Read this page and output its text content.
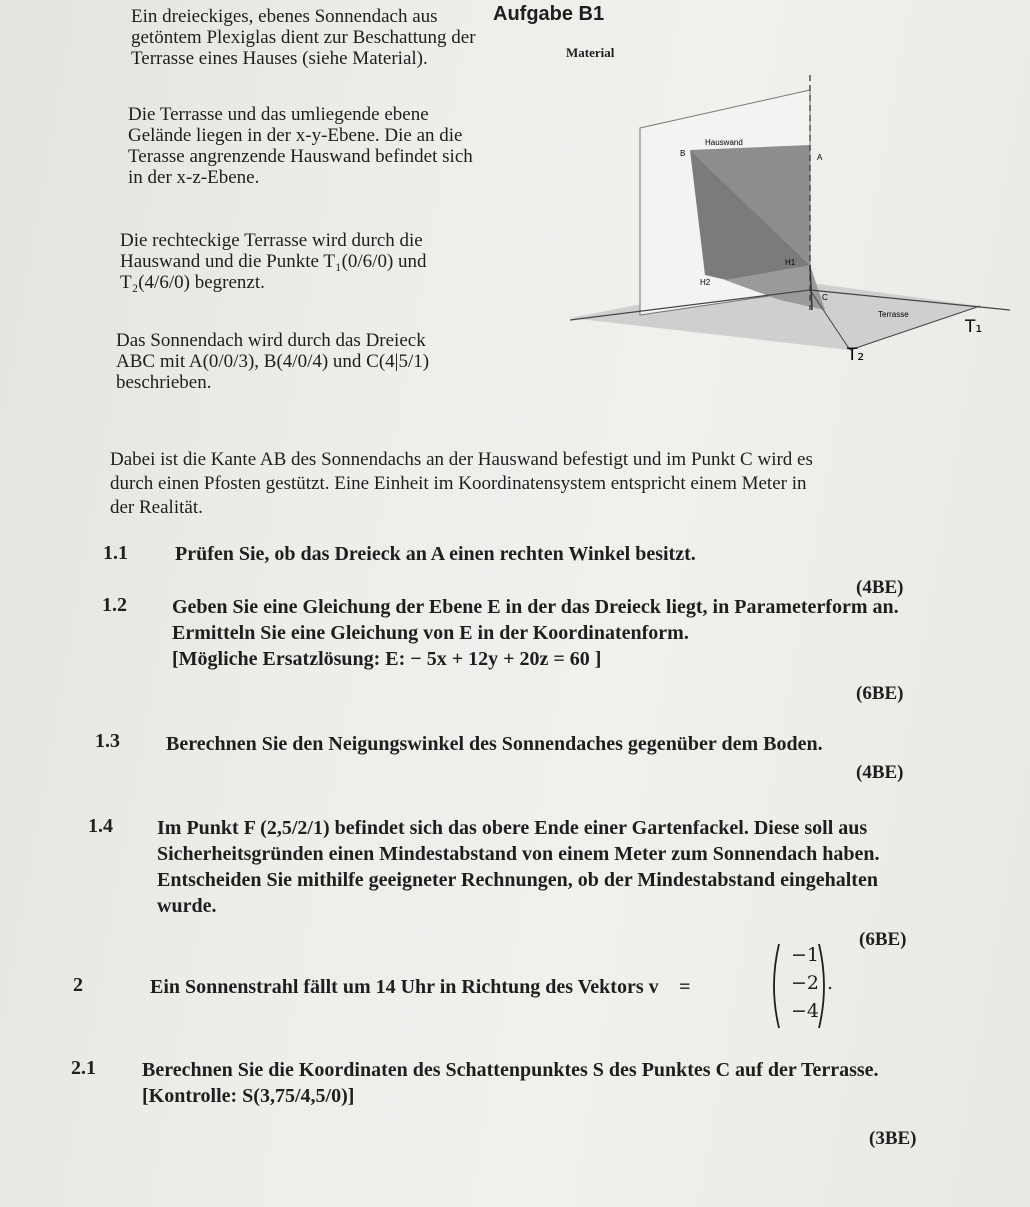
Aufgabe B1
Ein dreieckiges, ebenes Sonnendach aus
getöntem Plexiglas dient zur Beschattung der
Terrasse eines Hauses (siehe Material).
Die Terrasse und das umliegende ebene
Gelände liegen in der x-y-Ebene. Die an die
Terasse angrenzende Hauswand befindet sich
in der x-z-Ebene.
Die rechteckige Terrasse wird durch die
Hauswand und die Punkte T₁(0/6/0) und
T₂(4/6/0) begrenzt.
Das Sonnendach wird durch das Dreieck
ABC mit A(0/0/3), B(4/0/4) und C(4|5/1)
beschrieben.
Dabei ist die Kante AB des Sonnendachs an der Hauswand befestigt und im Punkt C wird es
durch einen Pfosten gestützt. Eine Einheit im Koordinatensystem entspricht einem Meter in
der Realität.
Material
Hauswand
B	A
H1
H2
C
Terrasse
T₁
T₂
1.1 Prüfen Sie, ob das Dreieck an A einen rechten Winkel besitzt.
(4BE)
1.2 Geben Sie eine Gleichung der Ebene E in der das Dreieck liegt, in Parameterform an.
Ermitteln Sie eine Gleichung von E in der Koordinatenform.
[Mögliche Ersatzlösung: E: − 5x + 12y + 20z = 60 ]
(6BE)
1.3 Berechnen Sie den Neigungswinkel des Sonnendaches gegenüber dem Boden.
(4BE)
1.4 Im Punkt F (2,5/2/1) befindet sich das obere Ende einer Gartenfackel. Diese soll aus
Sicherheitsgründen einen Mindestabstand von einem Meter zum Sonnendach haben.
Entscheiden Sie mithilfe geeigneter Rechnungen, ob der Mindestabstand eingehalten
wurde.
(6BE)
2	Ein Sonnenstrahl fällt um 14 Uhr in Richtung des Vektors v⃗ =
−1
−2
−4
.
2.1 Berechnen Sie die Koordinaten des Schattenpunktes S des Punktes C auf der Terrasse.
[Kontrolle: S(3,75/4,5/0)]
(3BE)
